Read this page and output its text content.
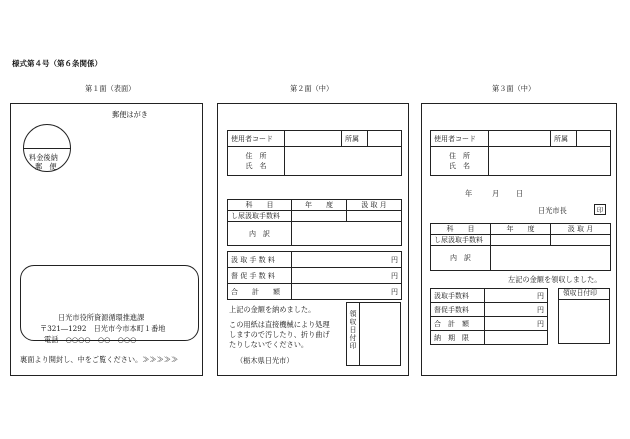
様式第４号（第６条関係）
第１面（表面）	第２面（中）	第３面（中）
郵便はがき
料金後納
郵　便
日光市役所資源循環推進課
〒321―1292　日光市今市本町１番地
電話　○○○○―○○―○○○
裏面より開封し、中をご覧ください。≫≫≫≫≫
使用者コード		所属	

住　所
氏　名			

科　　目	年　　度	汲 取 月
し尿汲取手数料		
内　訳		
汲 取 手 数 料	円
督 促 手 数 料	円
合　　計　　額	円
上記の金額を納めました。
この用紙は直接機械により処理
しますので汚したり、折り曲げ
たりしないでください。
（栃木県日光市）
領収日付印
使用者コード		所属	

住　所
氏　名			

年	月 日
日光市長	印
科　　目	年　　度	汲 取 月
し尿汲取手数料		
内　訳		
左記の金額を領収しました。
汲取手数料	円
督促手数料	円
合　計　額	円
納　期　限	
領収日付印
